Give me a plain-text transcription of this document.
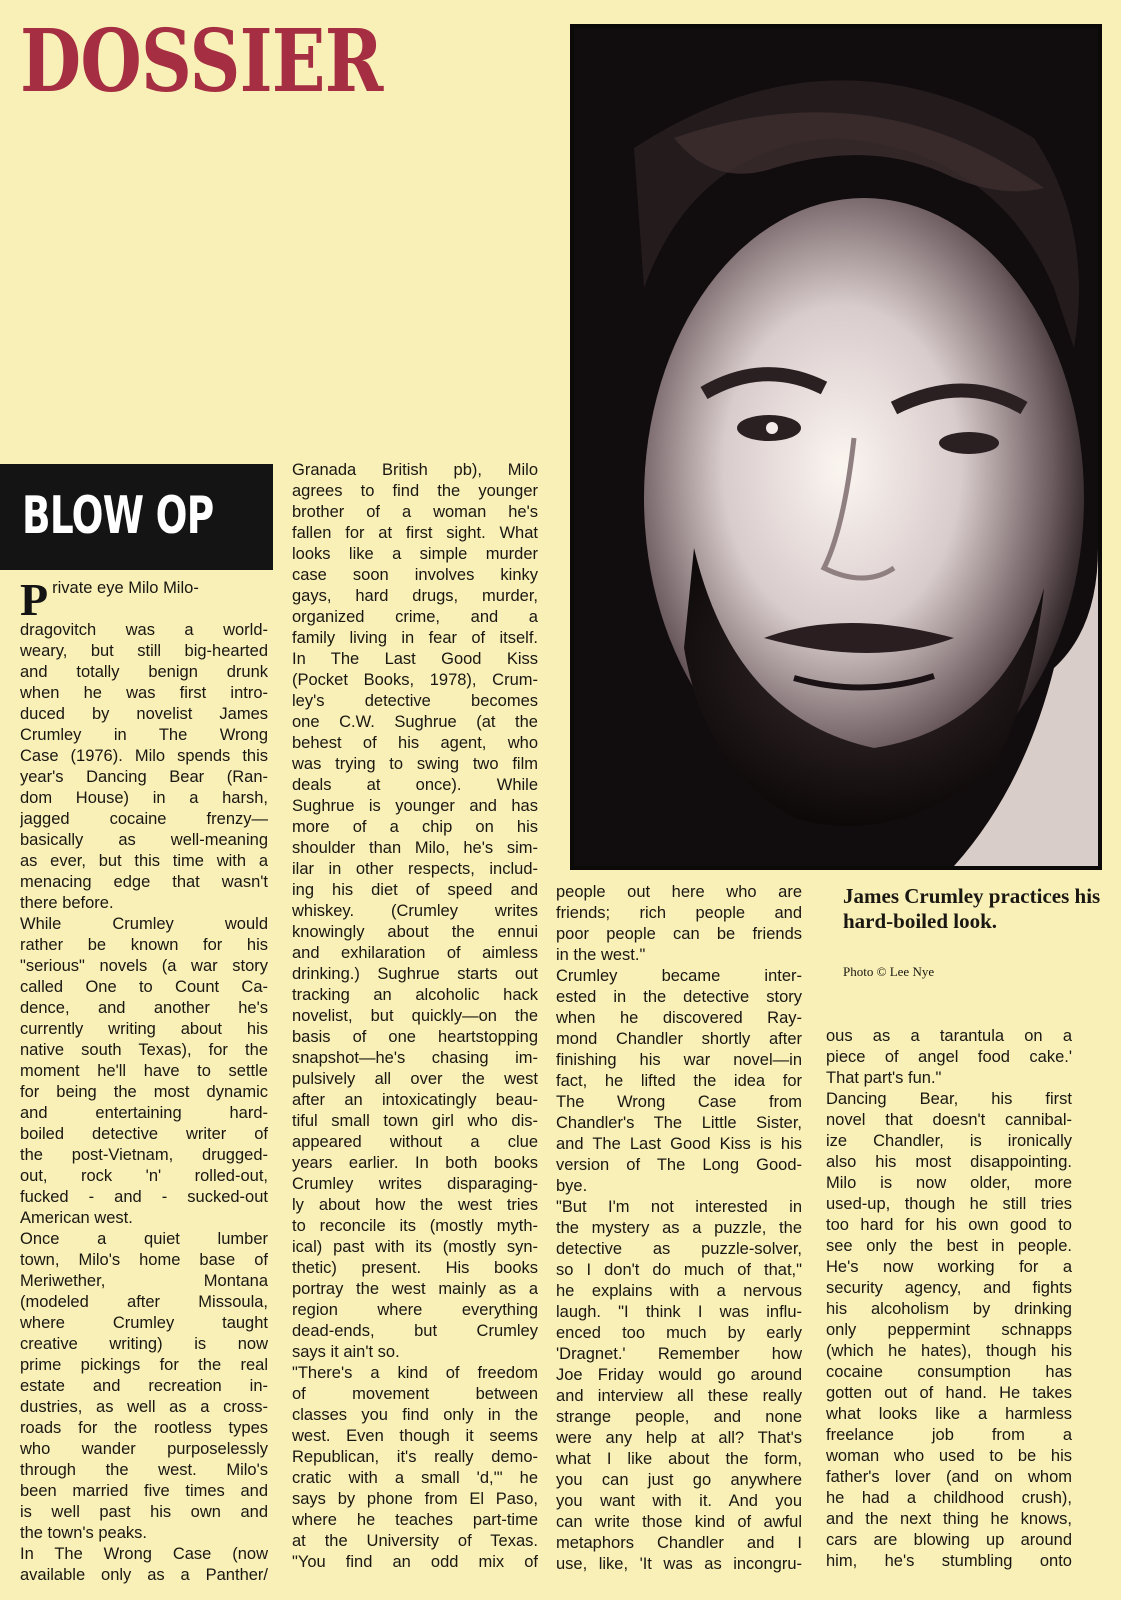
DOSSIER
BLOW OP
P rivate eye Milo Milo-
dragovitch was a world-
weary, but still big-hearted
and totally benign drunk
when he was first intro-
duced by novelist James
Crumley in The Wrong
Case (1976). Milo spends this
year's Dancing Bear (Ran-
dom House) in a harsh,
jagged cocaine frenzy—
basically as well-meaning
as ever, but this time with a
menacing edge that wasn't
there before.
While Crumley would
rather be known for his
"serious" novels (a war story
called One to Count Ca-
dence, and another he's
currently writing about his
native south Texas), for the
moment he'll have to settle
for being the most dynamic
and entertaining hard-
boiled detective writer of
the post-Vietnam, drugged-
out, rock 'n' rolled-out,
fucked - and - sucked-out
American west.
Once a quiet lumber
town, Milo's home base of
Meriwether, Montana
(modeled after Missoula,
where Crumley taught
creative writing) is now
prime pickings for the real
estate and recreation in-
dustries, as well as a cross-
roads for the rootless types
who wander purposelessly
through the west. Milo's
been married five times and
is well past his own and
the town's peaks.
In The Wrong Case (now
available only as a Panther/
Granada British pb), Milo
agrees to find the younger
brother of a woman he's
fallen for at first sight. What
looks like a simple murder
case soon involves kinky
gays, hard drugs, murder,
organized crime, and a
family living in fear of itself.
In The Last Good Kiss
(Pocket Books, 1978), Crum-
ley's detective becomes
one C.W. Sughrue (at the
behest of his agent, who
was trying to swing two film
deals at once). While
Sughrue is younger and has
more of a chip on his
shoulder than Milo, he's sim-
ilar in other respects, includ-
ing his diet of speed and
whiskey. (Crumley writes
knowingly about the ennui
and exhilaration of aimless
drinking.) Sughrue starts out
tracking an alcoholic hack
novelist, but quickly—on the
basis of one heartstopping
snapshot—he's chasing im-
pulsively all over the west
after an intoxicatingly beau-
tiful small town girl who dis-
appeared without a clue
years earlier. In both books
Crumley writes disparaging-
ly about how the west tries
to reconcile its (mostly myth-
ical) past with its (mostly syn-
thetic) present. His books
portray the west mainly as a
region where everything
dead-ends, but Crumley
says it ain't so.
"There's a kind of freedom
of movement between
classes you find only in the
west. Even though it seems
Republican, it's really demo-
cratic with a small 'd,'" he
says by phone from El Paso,
where he teaches part-time
at the University of Texas.
"You find an odd mix of
people out here who are
friends; rich people and
poor people can be friends
in the west."
Crumley became inter-
ested in the detective story
when he discovered Ray-
mond Chandler shortly after
finishing his war novel—in
fact, he lifted the idea for
The Wrong Case from
Chandler's The Little Sister,
and The Last Good Kiss is his
version of The Long Good-
bye.
"But I'm not interested in
the mystery as a puzzle, the
detective as puzzle-solver,
so I don't do much of that,"
he explains with a nervous
laugh. "I think I was influ-
enced too much by early
'Dragnet.' Remember how
Joe Friday would go around
and interview all these really
strange people, and none
were any help at all? That's
what I like about the form,
you can just go anywhere
you want with it. And you
can write those kind of awful
metaphors Chandler and I
use, like, 'It was as incongru-
ous as a tarantula on a
piece of angel food cake.'
That part's fun."
Dancing Bear, his first
novel that doesn't cannibal-
ize Chandler, is ironically
also his most disappointing.
Milo is now older, more
used-up, though he still tries
too hard for his own good to
see only the best in people.
He's now working for a
security agency, and fights
his alcoholism by drinking
only peppermint schnapps
(which he hates), though his
cocaine consumption has
gotten out of hand. He takes
what looks like a harmless
freelance job from a
woman who used to be his
father's lover (and on whom
he had a childhood crush),
and the next thing he knows,
cars are blowing up around
him, he's stumbling onto

James Crumley practices his hard-boiled look.

Photo © Lee Nye
